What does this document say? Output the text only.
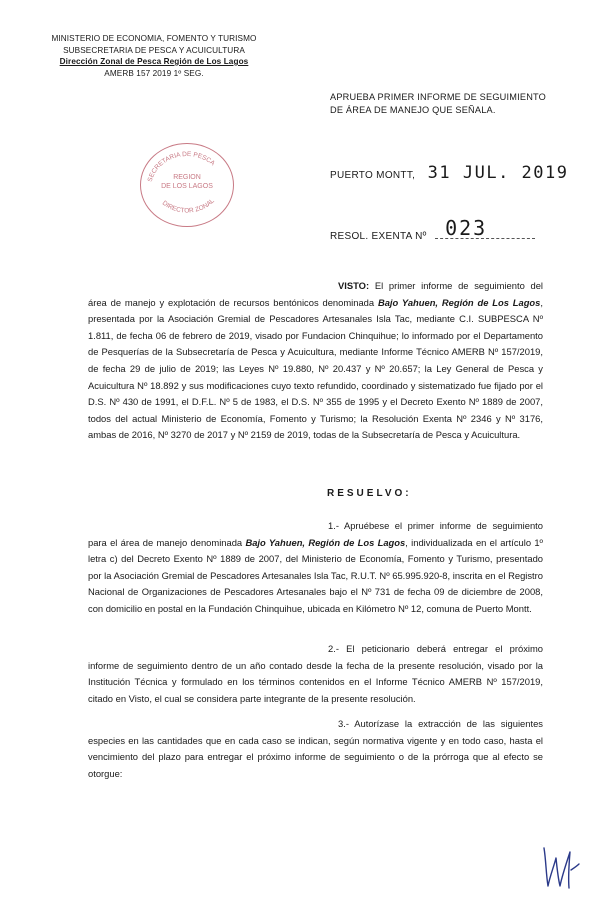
MINISTERIO DE ECONOMIA, FOMENTO Y TURISMO
SUBSECRETARIA DE PESCA Y ACUICULTURA
Dirección Zonal de Pesca Región de Los Lagos
AMERB 157 2019 1º SEG.
APRUEBA PRIMER INFORME DE SEGUIMIENTO DE ÁREA DE MANEJO QUE SEÑALA.
SECRETARIA DE PESCA
DIRECTOR ZONAL
REGION
DE LOS LAGOS
PUERTO MONTT, 31 JUL. 2019
RESOL. EXENTA Nº 023
VISTO: El primer informe de seguimiento del área de manejo y explotación de recursos bentónicos denominada Bajo Yahuen, Región de Los Lagos, presentada por la Asociación Gremial de Pescadores Artesanales Isla Tac, mediante C.I. SUBPESCA Nº 1.811, de fecha 06 de febrero de 2019, visado por Fundacion Chinquihue; lo informado por el Departamento de Pesquerías de la Subsecretaría de Pesca y Acuicultura, mediante Informe Técnico AMERB Nº 157/2019, de fecha 29 de julio de 2019; las Leyes Nº 19.880, Nº 20.437 y Nº 20.657; la Ley General de Pesca y Acuicultura Nº 18.892 y sus modificaciones cuyo texto refundido, coordinado y sistematizado fue fijado por el D.S. Nº 430 de 1991, el D.F.L. Nº 5 de 1983, el D.S. Nº 355 de 1995 y el Decreto Exento Nº 1889 de 2007, todos del actual Ministerio de Economía, Fomento y Turismo; la Resolución Exenta Nº 2346 y Nº 3176, ambas de 2016, Nº 3270 de 2017 y Nº 2159 de 2019, todas de la Subsecretaría de Pesca y Acuicultura.
RESUELVO:
1.- Apruébese el primer informe de seguimiento para el área de manejo denominada Bajo Yahuen, Región de Los Lagos, individualizada en el artículo 1º letra c) del Decreto Exento Nº 1889 de 2007, del Ministerio de Economía, Fomento y Turismo, presentado por la Asociación Gremial de Pescadores Artesanales Isla Tac, R.U.T. Nº 65.995.920-8, inscrita en el Registro Nacional de Organizaciones de Pescadores Artesanales bajo el Nº 731 de fecha 09 de diciembre de 2008, con domicilio en postal en la Fundación Chinquihue, ubicada en Kilómetro Nº 12, comuna de Puerto Montt.
2.- El peticionario deberá entregar el próximo informe de seguimiento dentro de un año contado desde la fecha de la presente resolución, visado por la Institución Técnica y formulado en los términos contenidos en el Informe Técnico AMERB Nº 157/2019, citado en Visto, el cual se considera parte integrante de la presente resolución.
3.- Autorízase la extracción de las siguientes especies en las cantidades que en cada caso se indican, según normativa vigente y en todo caso, hasta el vencimiento del plazo para entregar el próximo informe de seguimiento o de la prórroga que al efecto se otorgue:
